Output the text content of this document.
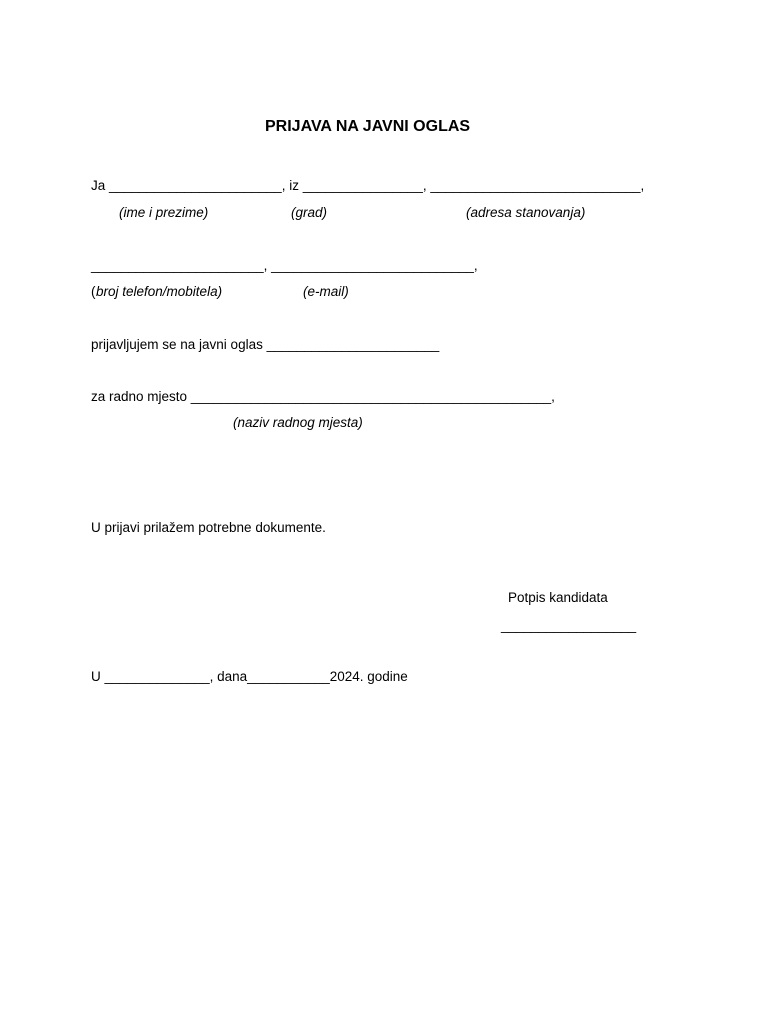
PRIJAVA NA JAVNI OGLAS
Ja _______________________, iz ________________, ____________________________,
(ime i prezime)	(grad)	(adresa stanovanja)
_______________________, ___________________________,
( broj telefon/mobitela)	(e-mail)
prijavljujem se na javni oglas _______________________
za radno mjesto ________________________________________________,
(naziv radnog mjesta)
U prijavi prilažem potrebne dokumente.
Potpis kandidata
__________________
U ______________, dana___________2024. godine
